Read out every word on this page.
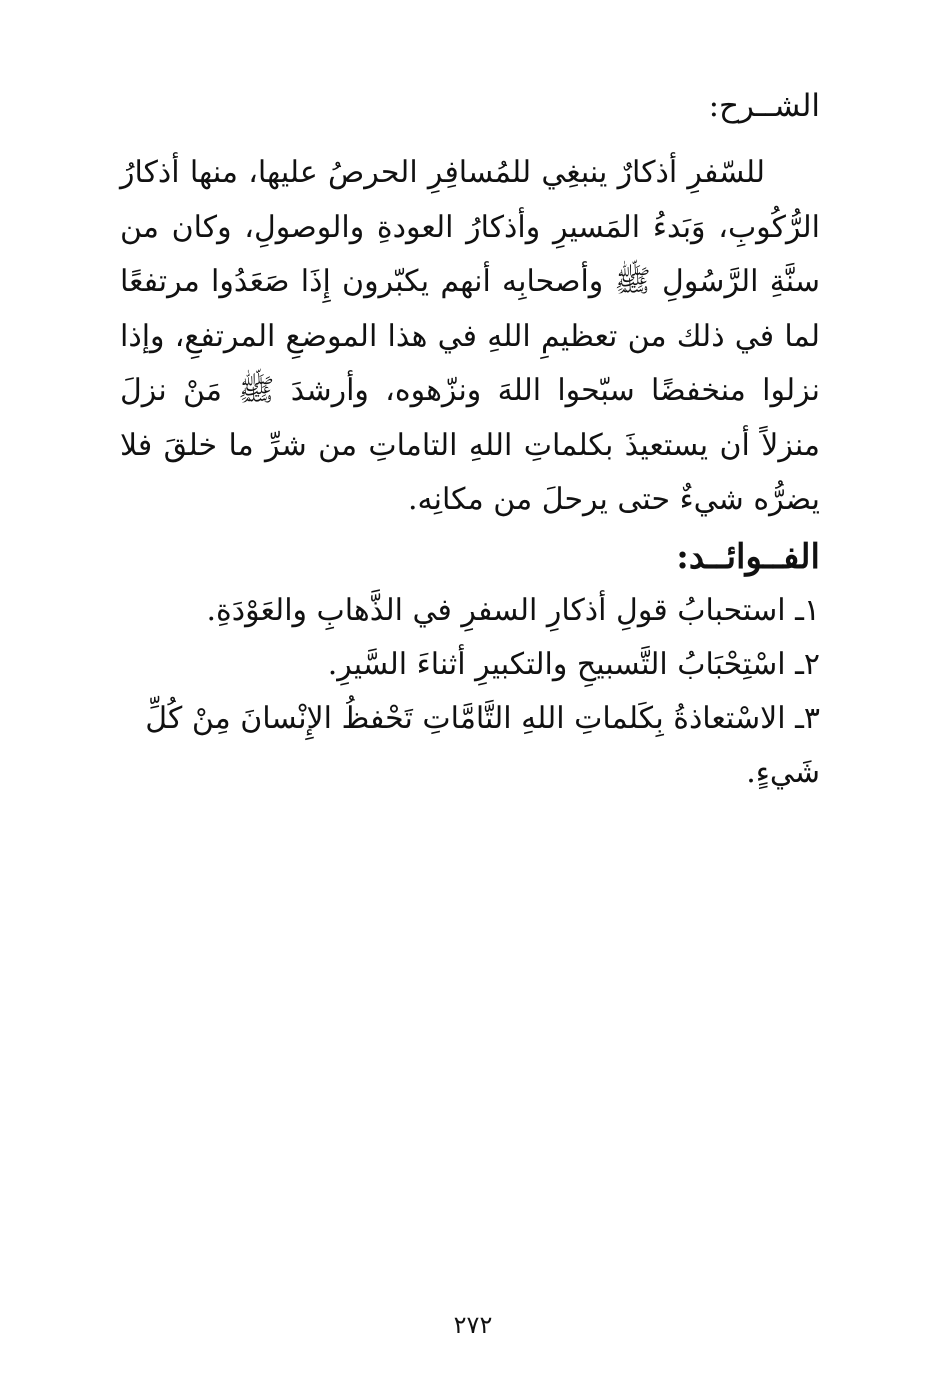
الشــرح:

للسّفرِ أذكارٌ ينبغِي للمُسافِرِ الحرصُ عليها، منها أذكارُ الرُّكُوبِ، وَبَدءُ المَسيرِ وأذكارُ العودةِ والوصولِ، وكان من سنَّةِ الرَّسُولِ ﷺ وأصحابِه أنهم يكبّرون إِذَا صَعَدُوا مرتفعًا لما في ذلك من تعظيمِ اللهِ في هذا الموضعِ المرتفعِ، وإذا نزلوا منخفضًا سبّحوا اللهَ ونزّهوه، وأرشدَ ﷺ مَنْ نزلَ منزلاً أن يستعيذَ بكلماتِ اللهِ التاماتِ من شرِّ ما خلقَ فلا يضرُّه شيءٌ حتى يرحلَ من مكانِه.

الفــوائــد:
١ـ استحبابُ قولِ أذكارِ السفرِ في الذَّهابِ والعَوْدَةِ.
٢ـ اسْتِحْبَابُ التَّسبيحِ والتكبيرِ أثناءَ السَّيرِ.
٣ـ الاسْتعاذةُ بِكَلماتِ اللهِ التَّامَّاتِ تَحْفظُ الإِنْسانَ مِنْ كُلِّ شَيءٍ.
٢٧٢
